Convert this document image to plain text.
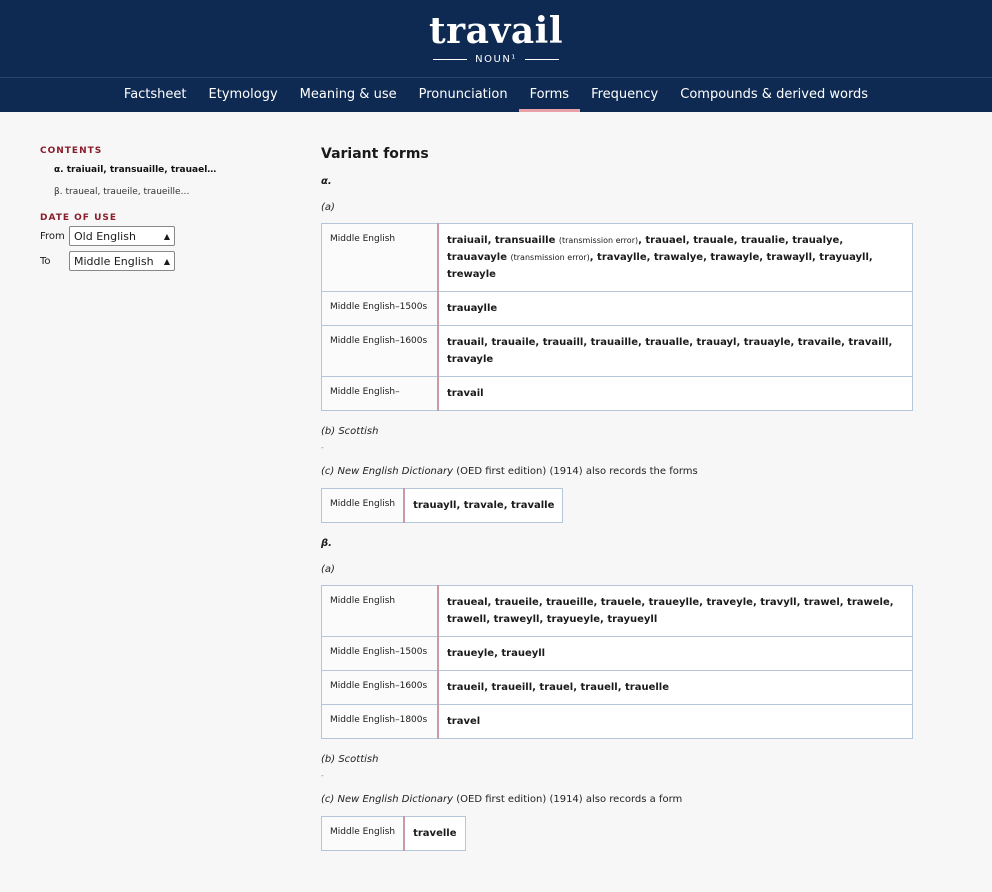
travail
NOUN¹
Factsheet	Etymology	Meaning & use	Pronunciation	Forms	Frequency	Compounds & derived words
CONTENTS
α. traiuail, transuaille, trauael…
β. traueal, traueile, traueille…
DATE OF USE
From Old English	▲

To	Middle English ▲
Variant forms
α.
(a)
Middle English	traiuail, transuaille (transmission error), trauael, trauale, traualie, traualye, trauavayle (transmission error), travaylle, trawalye, trawayle, trawayll, trayuayll, trewayle
Middle English–1500s	trauaylle
Middle English–1600s	trauail, trauaile, trauaill, trauaille, traualle, trauayl, trauayle, travaile, travaill, travayle
Middle English–	travail
(b) Scottish
-
(c) New English Dictionary (OED first edition) (1914) also records the forms
Middle English	trauayll, travale, travalle
β.
(a)
Middle English	traueal, traueile, traueille, trauele, traueylle, traveyle, travyll, trawel, trawele, trawell, traweyll, trayueyle, trayueyll
Middle English–1500s	traueyle, traueyll
Middle English–1600s	traueil, traueill, trauel, trauell, trauelle
Middle English–1800s	travel
(b) Scottish
-
(c) New English Dictionary (OED first edition) (1914) also records a form
Middle English	travelle
